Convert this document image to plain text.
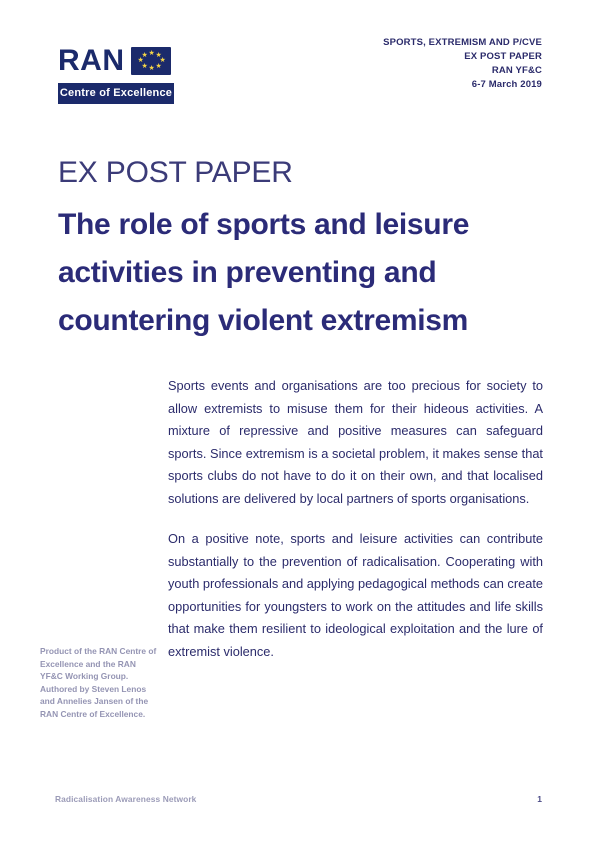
RAN	★ ★
★
★
★
★
★
★
Centre of Excellence
SPORTS, EXTREMISM AND P/CVE
EX POST PAPER
RAN YF&C
6-7 March 2019
EX POST PAPER
The role of sports and leisure activities in preventing and countering violent extremism

Sports events and organisations are too precious for society to allow extremists to misuse them for their hideous activities. A mixture of repressive and positive measures can safeguard sports. Since extremism is a societal problem, it makes sense that sports clubs do not have to do it on their own, and that localised solutions are delivered by local partners of sports organisations.

On a positive note, sports and leisure activities can contribute substantially to the prevention of radicalisation. Cooperating with youth professionals and applying pedagogical methods can create opportunities for youngsters to work on the attitudes and life skills that make them resilient to ideological exploitation and the lure of extremist violence.

Product of the RAN Centre of Excellence and the RAN YF&C Working Group. Authored by Steven Lenos and Annelies Jansen of the RAN Centre of Excellence.
Radicalisation Awareness Network	1
